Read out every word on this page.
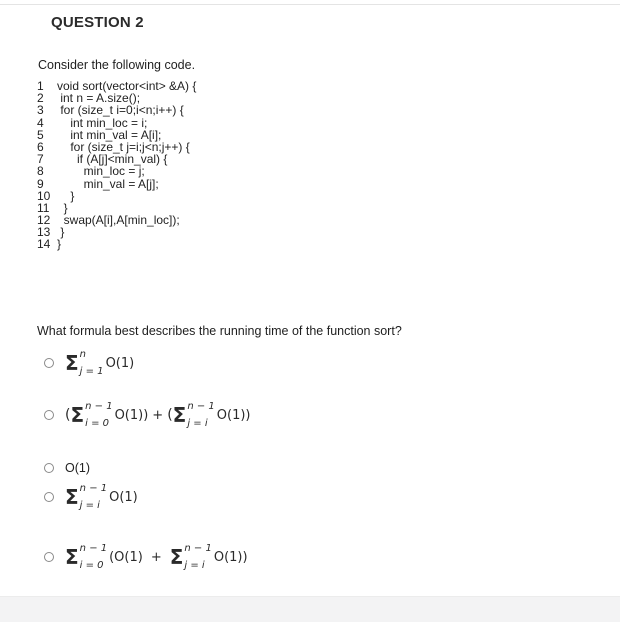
QUESTION 2
Consider the following code.
1 void sort(vector<int> &A) {
2 int n = A.size();
3 for (size_t i=0;i<n;i++) {
4    int min_loc = i;
5    int min_val = A[i];
6    for (size_t j=i;j<n;j++) {
7      if (A[j]<min_val) {
8        min_loc = j;
9        min_val = A[j];
10    }
11  }
12  swap(A[i],A[min_loc]);
13 }
14 }
What formula best describes the running time of the function sort?
Σ n
j = 1
O(1)
( Σ n − 1
i = 0
O(1)) + ( Σ n − 1
j = i
O(1))
O(1)
Σ n − 1
j = i
O(1)
Σ n − 1
i = 0
(O(1) + Σ n − 1
j = i
O(1))
